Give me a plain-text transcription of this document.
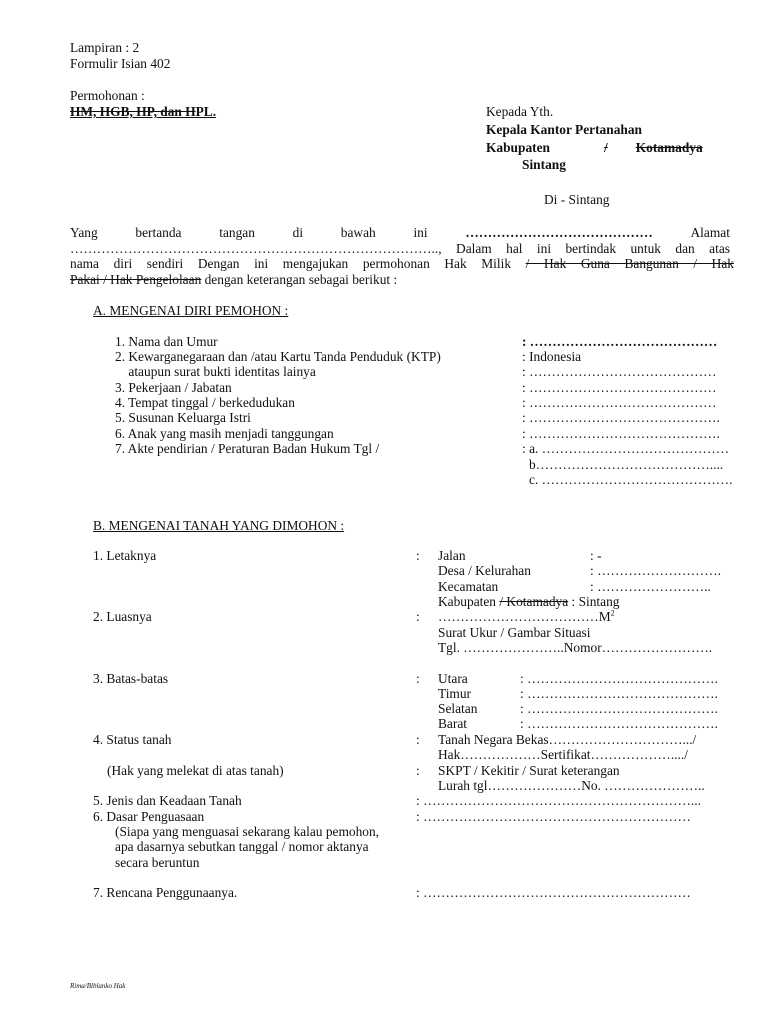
Lampiran : 2
Formulir Isian 402
Permohonan :
HM, HGB, HP, dan HPL.	Kepada Yth.
Kepala Kantor Pertanahan
Kabupaten	/ Kotamadya
Sintang
Di - Sintang
Yang	bertanda	tangan	di	bawah	ini	……………………………………	Alamat
……………………………………………………………………….., Dalam hal ini bertindak untuk dan atas
nama diri sendiri Dengan ini mengajukan permohonan Hak Milik / Hak Guna Bangunan / Hak
Pakai / Hak Pengelolaan dengan keterangan sebagai berikut :
A. MENGENAI DIRI PEMOHON :
1. Nama dan Umur	: ……………………………………
2. Kewarganegaraan dan /atau Kartu Tanda Penduduk (KTP)	: Indonesia
ataupun surat bukti identitas lainya	: ……………………………………
3. Pekerjaan / Jabatan	: ……………………………………
4. Tempat tinggal / berkedudukan	: ……………………………………
5. Susunan Keluarga Istri	: …………………………………….
6. Anak yang masih menjadi tanggungan	: …………………………………….
7. Akte pendirian / Peraturan Badan Hukum Tgl /	: a. ……………………………………
b…………………………………....
c. …………………………………….
B. MENGENAI TANAH YANG DIMOHON :
1. Letaknya	: Jalan	: -
Desa / Kelurahan	: ……………………….
Kecamatan	: ……………………..
Kabupaten / Kotamadya : Sintang
2. Luasnya	: $\dots\dots\dots\dots\dots\dots\dots\dots\dots\dots\dots\dots M^2$
Surat Ukur / Gambar Situasi
Tgl. …………………..Nomor…………………….
3. Batas-batas	: Utara	: …………………………………….
Timur	: …………………………………….
Selatan	: …………………………………….
Barat	: …………………………………….
4. Status tanah	: Tanah Negara Bekas………………………….../
Hak………………Sertifikat………………..../
(Hak yang melekat di atas tanah)	: SKPT / Kekitir / Surat keterangan
Lurah tgl…………………No. …………………..
5. Jenis dan Keadaan Tanah	: ……………………………………………………...
6. Dasar Penguasaan	: ……………………………………………………
(Siapa yang menguasai sekarang kalau pemohon,
apa dasarnya sebutkan tanggal / nomor aktanya
secara beruntun
7. Rencana Penggunaanya.	: ……………………………………………………
Rima/Blblanko Hak
